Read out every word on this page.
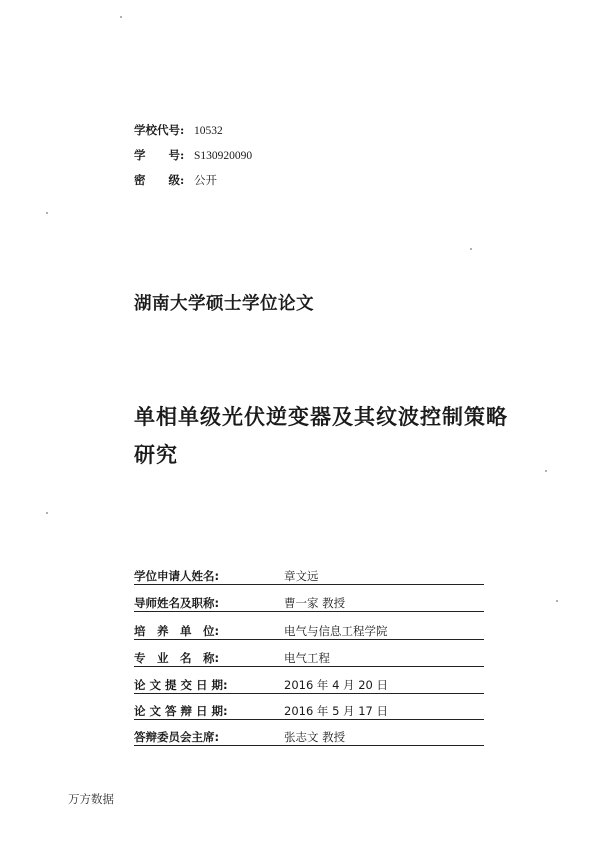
学校代号: 10532
学　　号: S130920090
密　　级: 公开
湖南大学硕士学位论文
单相单级光伏逆变器及其纹波控制策略研究
学位申请人姓名:	章文远
导师姓名及职称:	曹一家 教授
培　养　单　位:	电气与信息工程学院
专　业　名　称:	电气工程
论 文 提 交 日 期:	2016 年 4 月 20 日
论 文 答 辩 日 期:	2016 年 5 月 17 日
答辩委员会主席:	张志文 教授
万方数据
